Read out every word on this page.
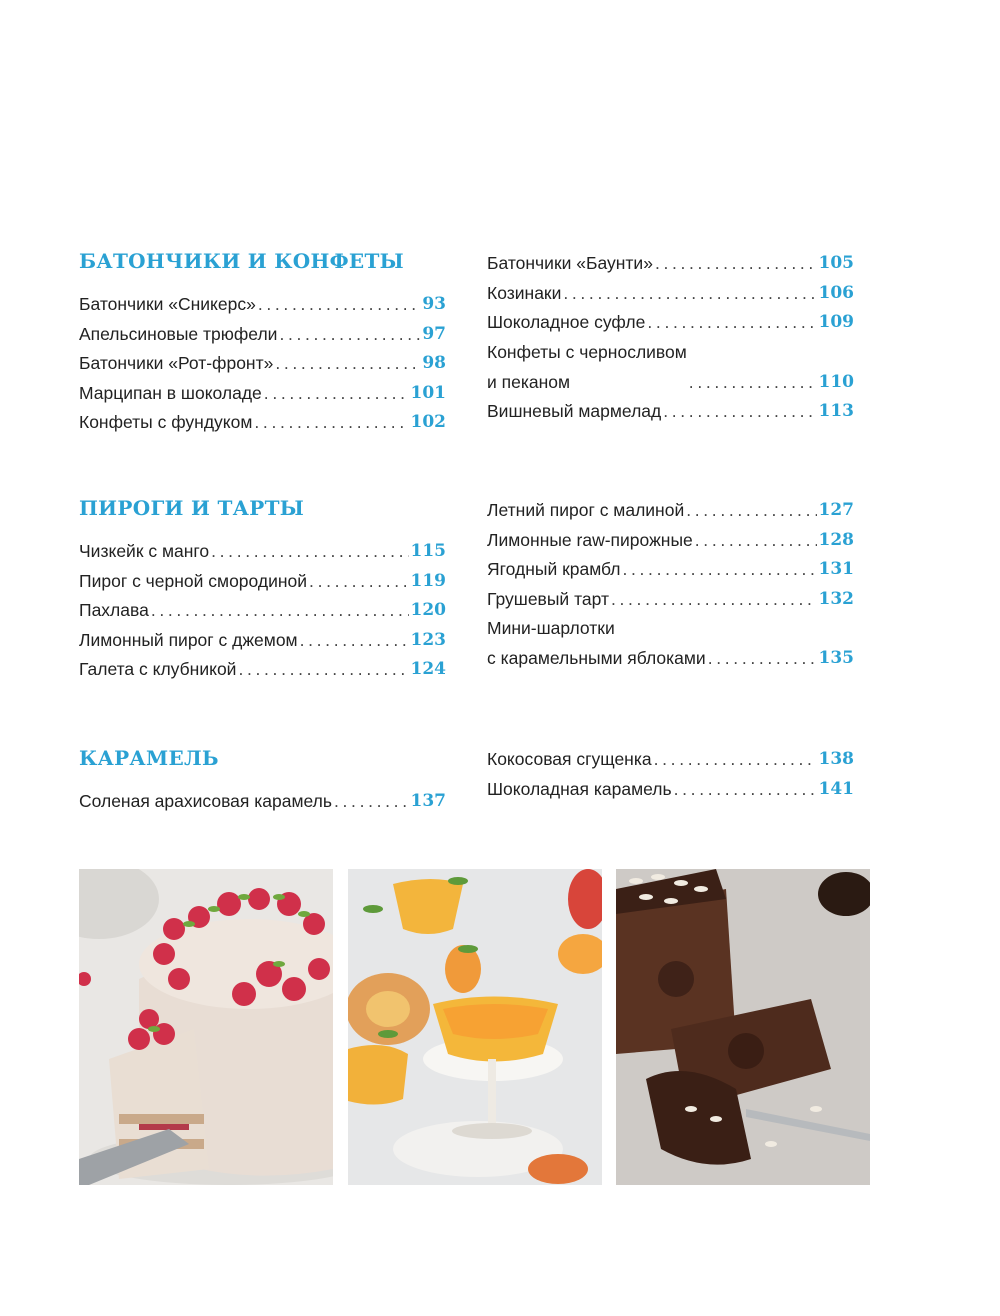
БАТОНЧИКИ И КОНФЕТЫ
Батончики «Сникерс» . . .	93
Апельсиновые трюфели . . .	97
Батончики «Рот-фронт» . . .	98
Марципан в шоколаде . . .	101
Конфеты с фундуком . . .	102
Батончики «Баунти» . . .	105
Козинаки . . .	106
Шоколадное суфле . . .	109
Конфеты с черносливом
и пеканом . . .	110
Вишневый мармелад . . .	113
ПИРОГИ И ТАРТЫ
Чизкейк с манго . . .	115
Пирог с черной смородиной . . .	119
Пахлава . . .	120
Лимонный пирог с джемом . . .	123
Галета с клубникой . . .	124
Летний пирог с малиной . . .	127
Лимонные raw-пирожные . . .	128
Ягодный крамбл . . .	131
Грушевый тарт . . .	132
Мини-шарлотки
с карамельными яблоками . . .	135
КАРАМЕЛЬ
Соленая арахисовая карамель . . .	137
Кокосовая сгущенка . . .	138
Шоколадная карамель . . .	141
